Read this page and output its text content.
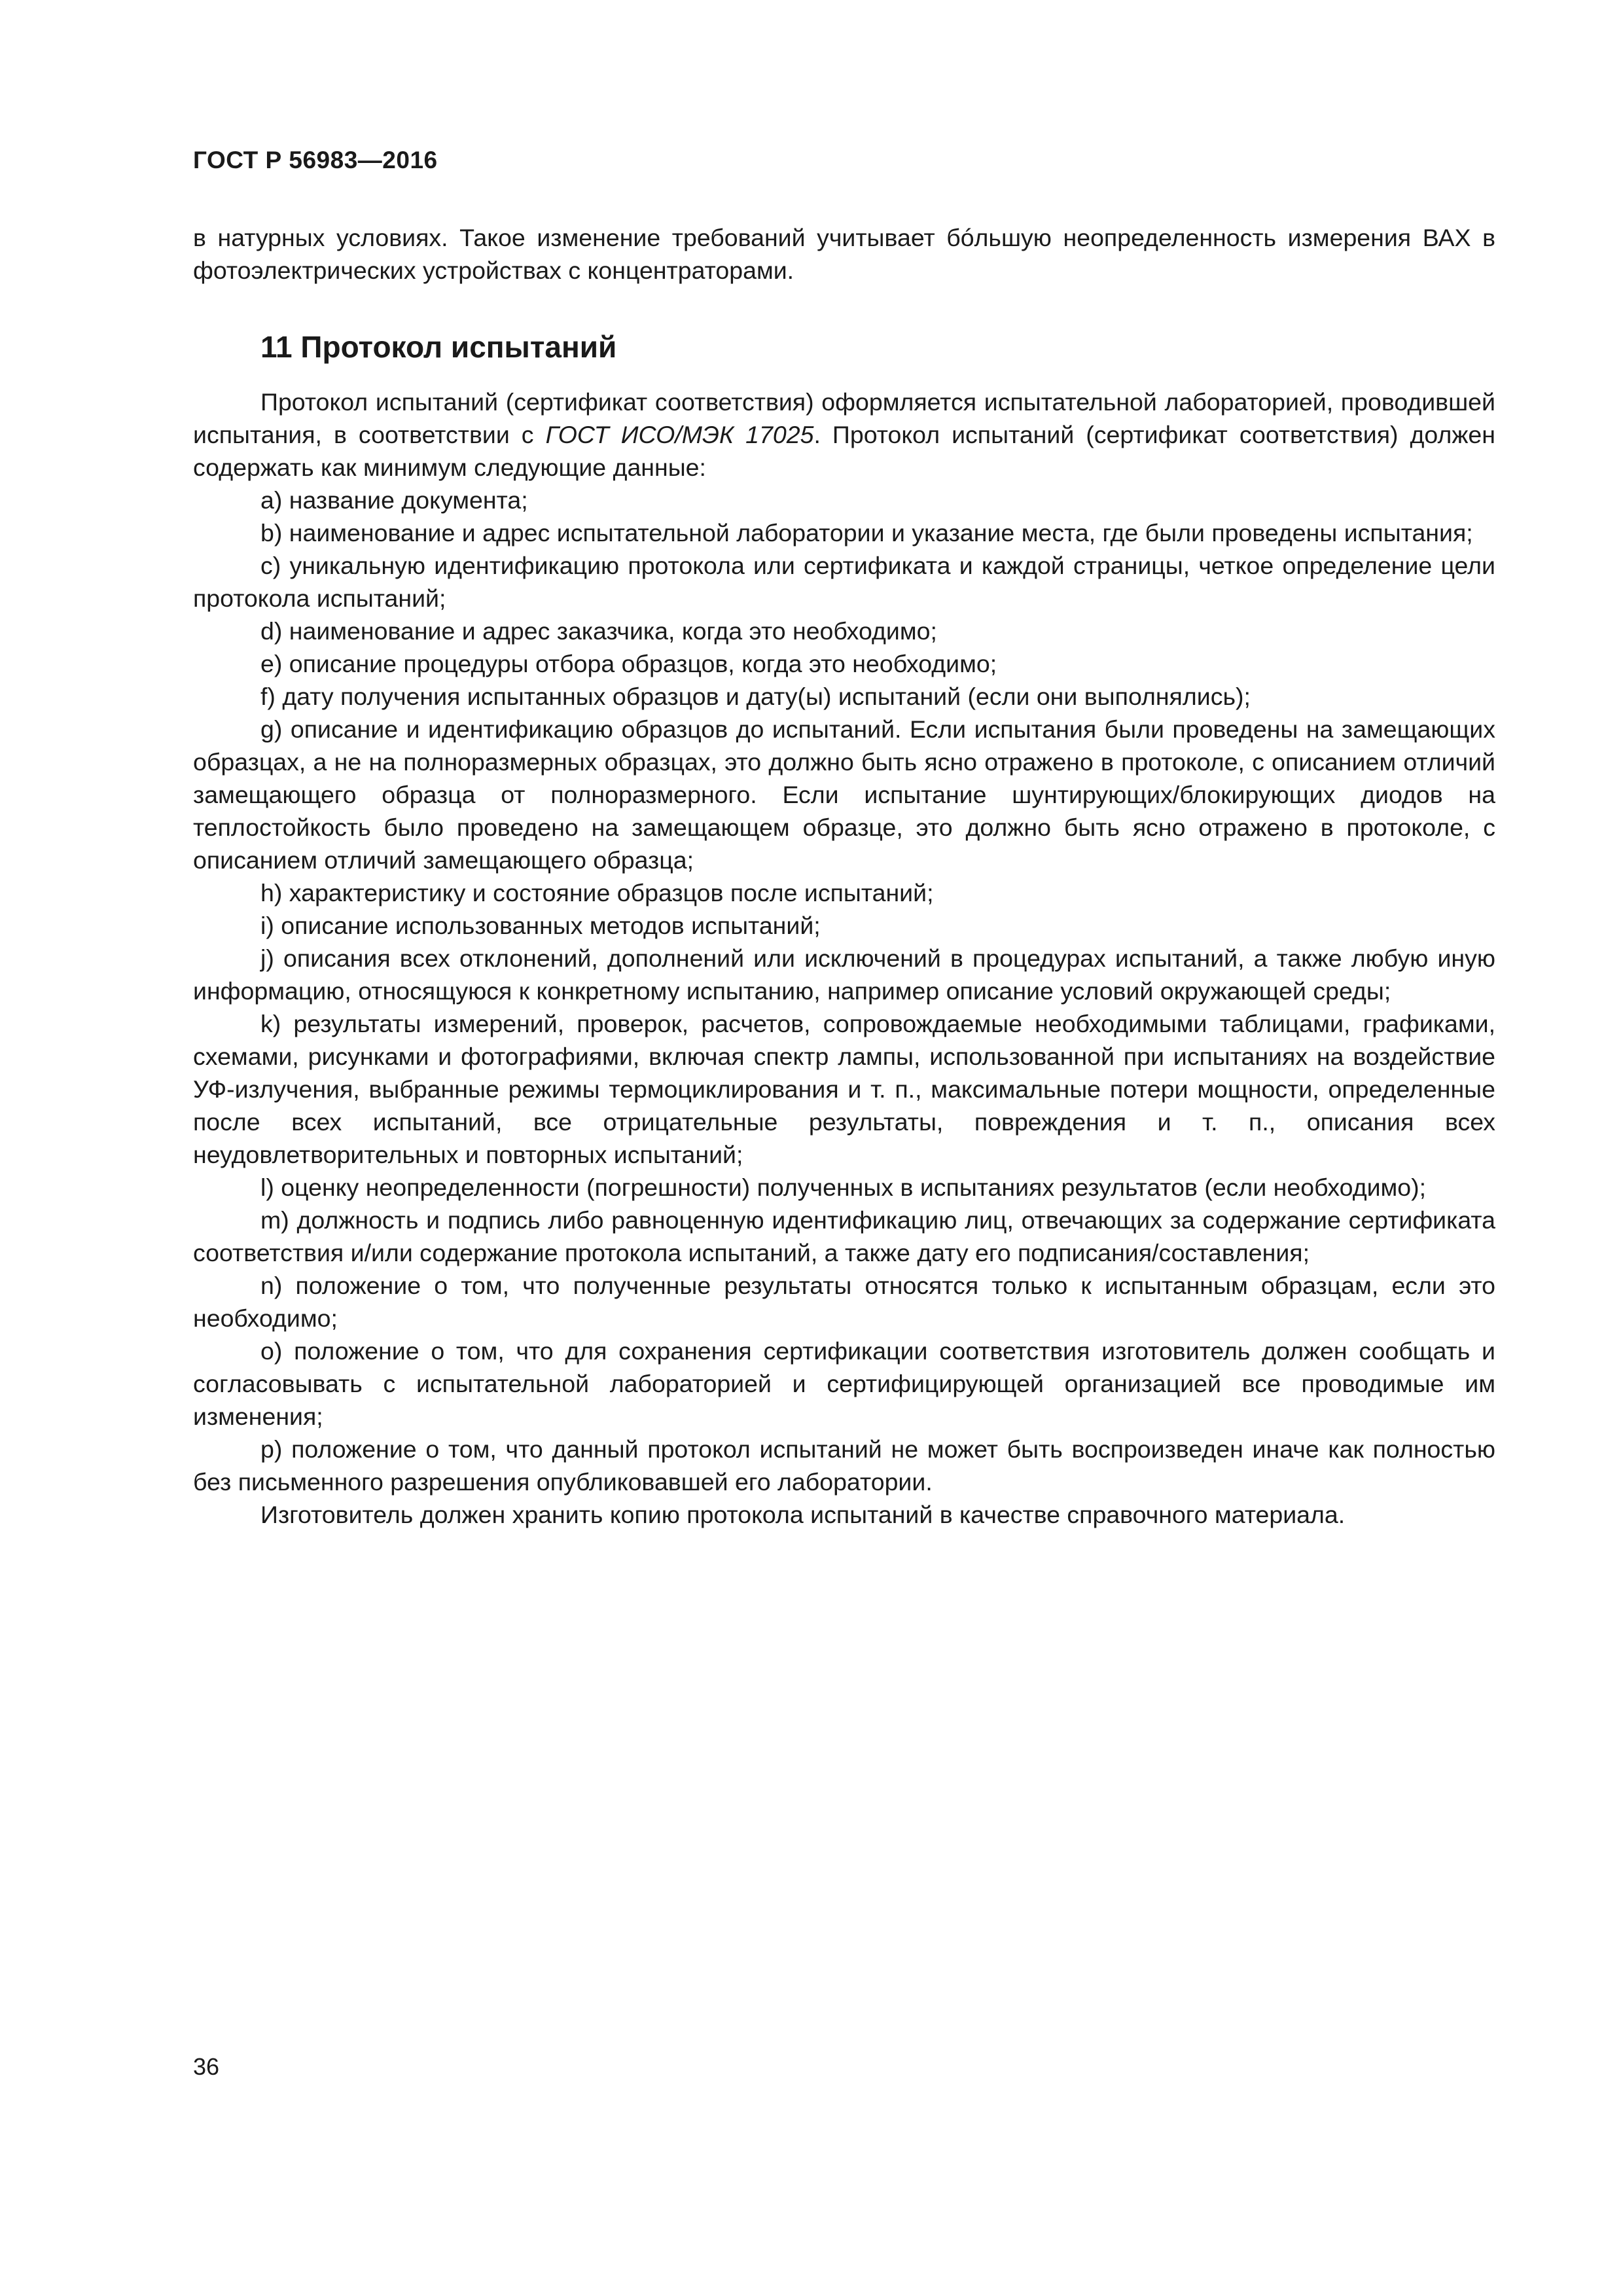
ГОСТ Р 56983—2016

в натурных условиях. Такое изменение требований учитывает бóльшую неопределенность измерения ВАХ в фотоэлектрических устройствах с концентраторами.

11 Протокол испытаний

Протокол испытаний (сертификат соответствия) оформляется испытательной лабораторией, проводившей испытания, в соответствии с ГОСТ ИСО/МЭК 17025. Протокол испытаний (сертификат соответствия) должен содержать как минимум следующие данные:

а) название документа;

b) наименование и адрес испытательной лаборатории и указание места, где были проведены испытания;

c) уникальную идентификацию протокола или сертификата и каждой страницы, четкое определение цели протокола испытаний;

d) наименование и адрес заказчика, когда это необходимо;

e) описание процедуры отбора образцов, когда это необходимо;

f) дату получения испытанных образцов и дату(ы) испытаний (если они выполнялись);

g) описание и идентификацию образцов до испытаний. Если испытания были проведены на замещающих образцах, а не на полноразмерных образцах, это должно быть ясно отражено в протоколе, с описанием отличий замещающего образца от полноразмерного. Если испытание шунтирующих/блокирующих диодов на теплостойкость было проведено на замещающем образце, это должно быть ясно отражено в протоколе, с описанием отличий замещающего образца;

h) характеристику и состояние образцов после испытаний;

i) описание использованных методов испытаний;

j) описания всех отклонений, дополнений или исключений в процедурах испытаний, а также любую иную информацию, относящуюся к конкретному испытанию, например описание условий окружающей среды;

k) результаты измерений, проверок, расчетов, сопровождаемые необходимыми таблицами, графиками, схемами, рисунками и фотографиями, включая спектр лампы, использованной при испытаниях на воздействие УФ-излучения, выбранные режимы термоциклирования и т. п., максимальные потери мощности, определенные после всех испытаний, все отрицательные результаты, повреждения и т. п., описания всех неудовлетворительных и повторных испытаний;

l) оценку неопределенности (погрешности) полученных в испытаниях результатов (если необходимо);

m) должность и подпись либо равноценную идентификацию лиц, отвечающих за содержание сертификата соответствия и/или содержание протокола испытаний, а также дату его подписания/составления;

n) положение о том, что полученные результаты относятся только к испытанным образцам, если это необходимо;

o) положение о том, что для сохранения сертификации соответствия изготовитель должен сообщать и согласовывать с испытательной лабораторией и сертифицирующей организацией все проводимые им изменения;

p) положение о том, что данный протокол испытаний не может быть воспроизведен иначе как полностью без письменного разрешения опубликовавшей его лаборатории.

Изготовитель должен хранить копию протокола испытаний в качестве справочного материала.

36
